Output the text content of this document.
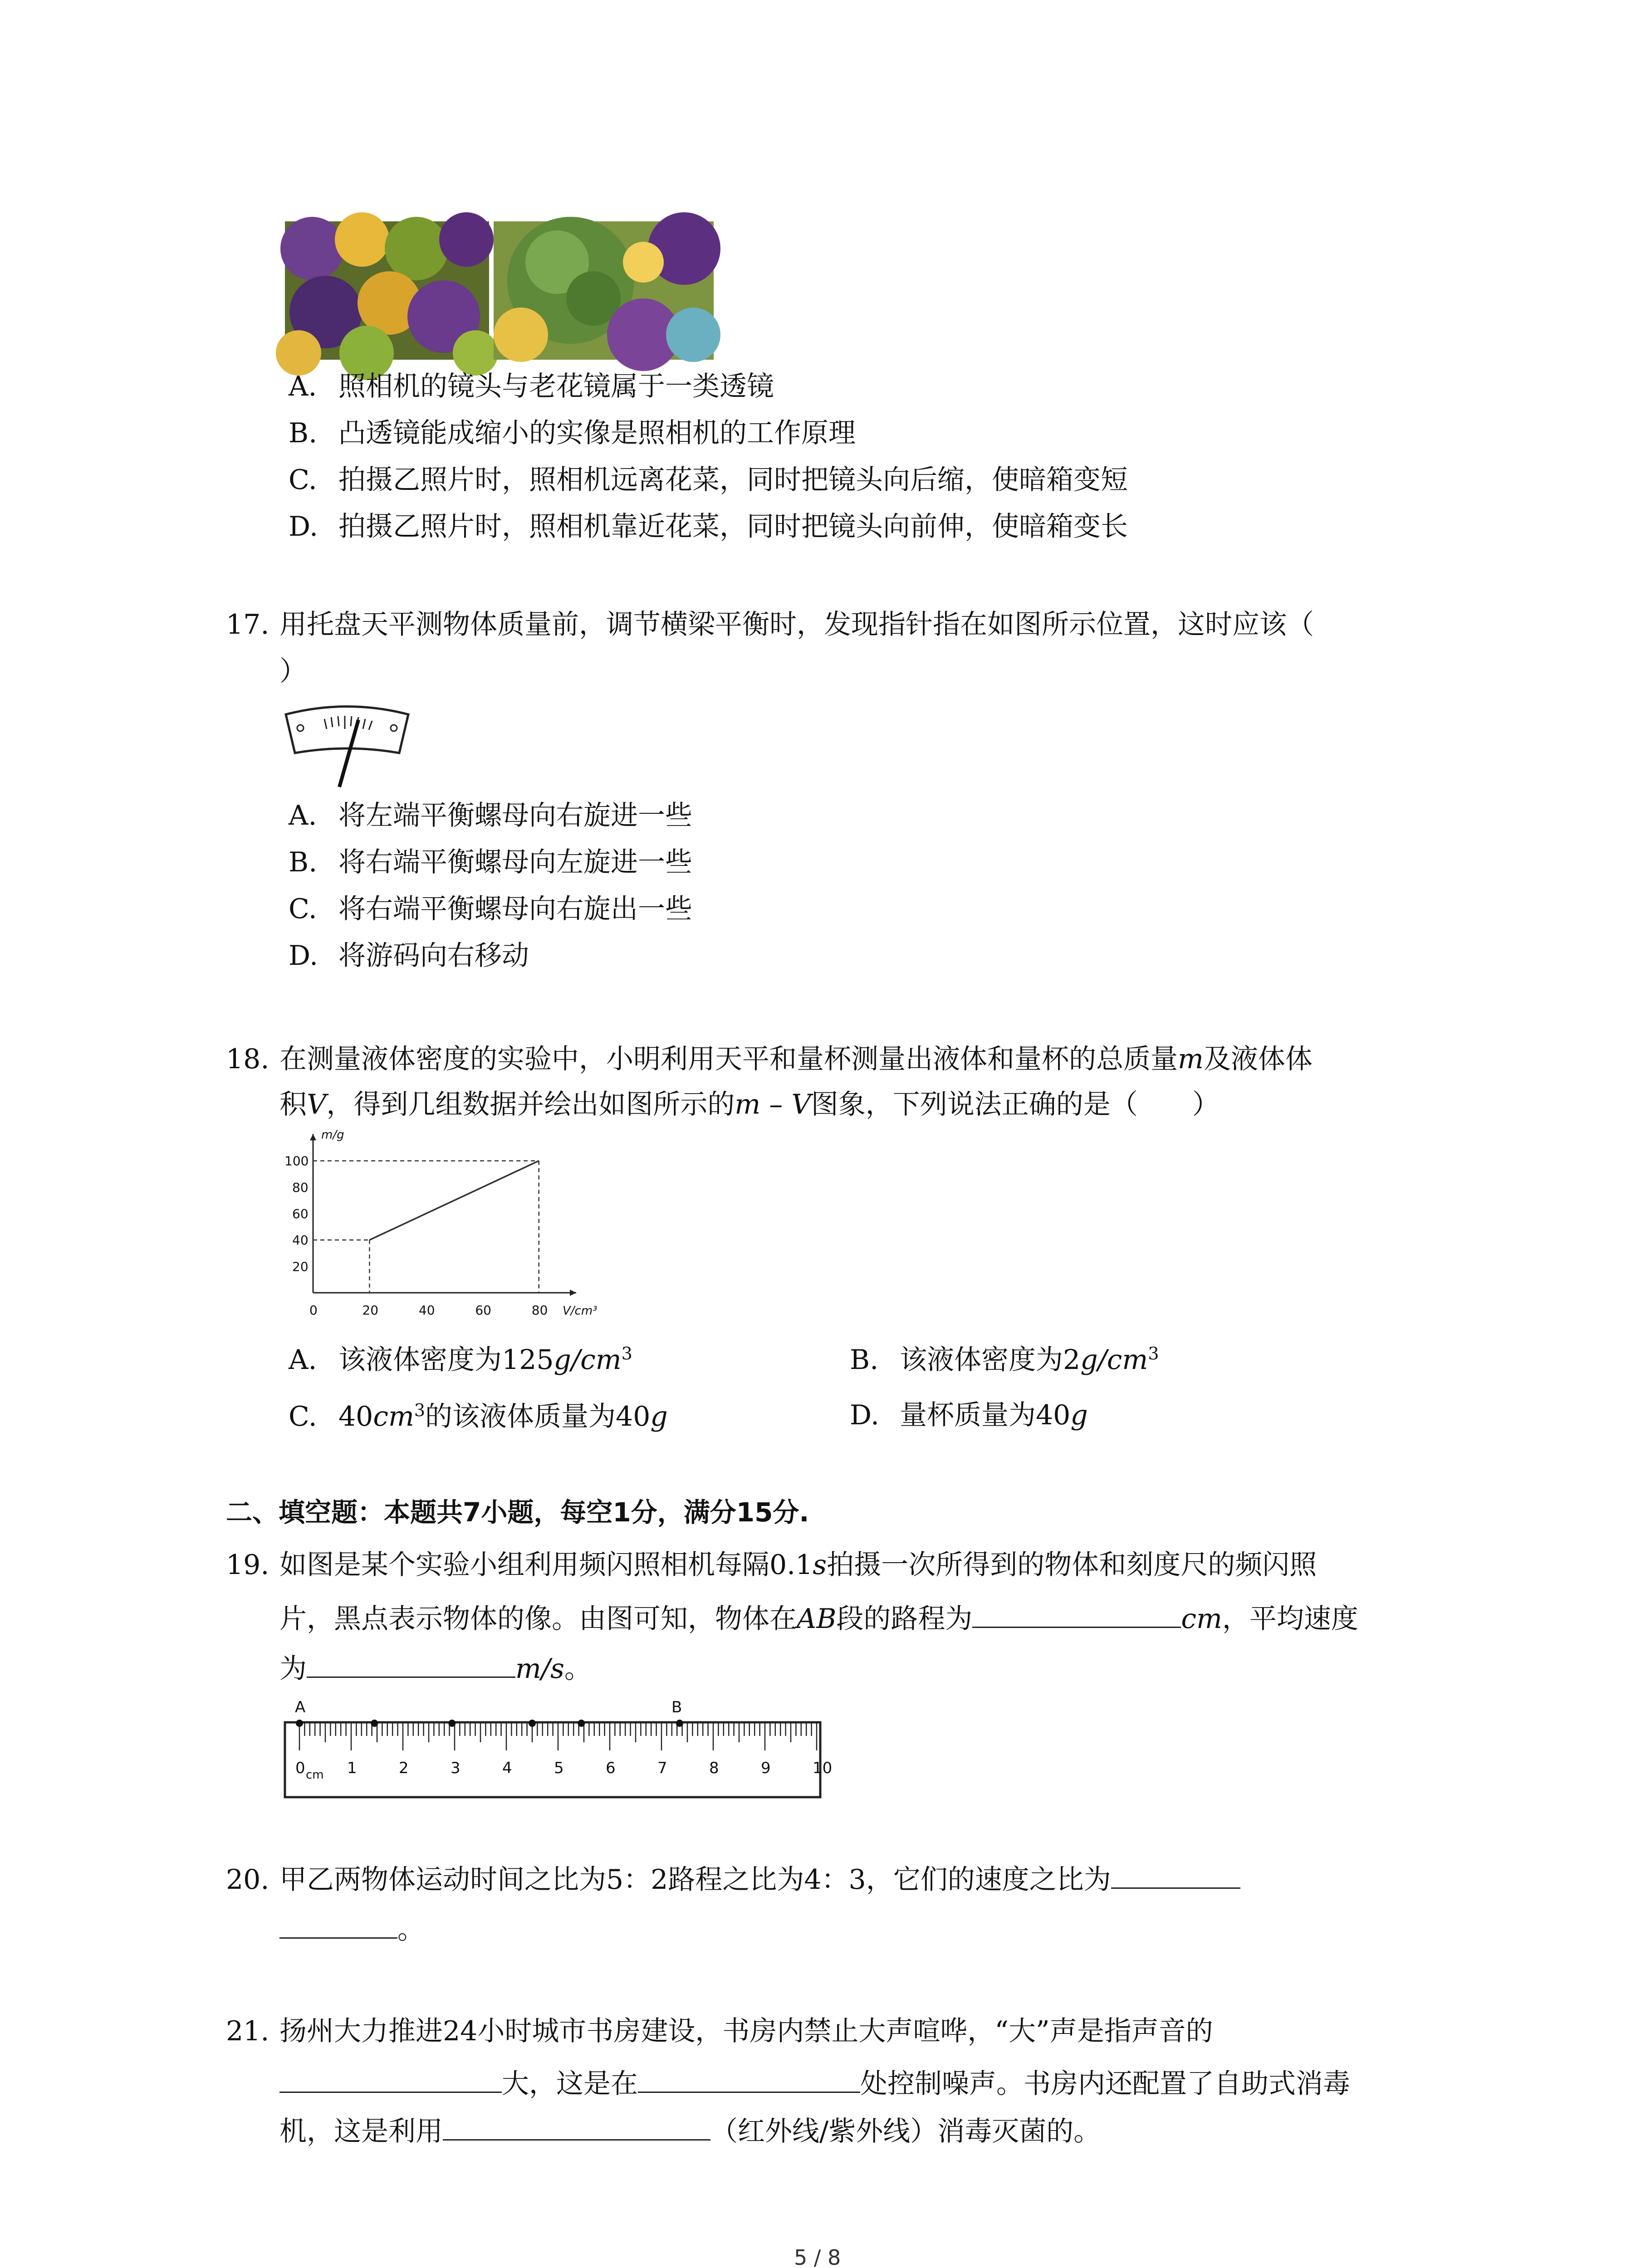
A. 照相机的镜头与老花镜属于一类透镜
B. 凸透镜能成缩小的实像是照相机的工作原理
C. 拍摄乙照片时，照相机远离花菜，同时把镜头向后缩，使暗箱变短
D. 拍摄乙照片时，照相机靠近花菜，同时把镜头向前伸，使暗箱变长
17. 用托盘天平测物体质量前，调节横梁平衡时，发现指针指在如图所示位置，这时应该（
）
A. 将左端平衡螺母向右旋进一些
B. 将右端平衡螺母向左旋进一些
C. 将右端平衡螺母向右旋出一些
D. 将游码向右移动
18. 在测量液体密度的实验中，小明利用天平和量杯测量出液体和量杯的总质量m及液体体
积V，得到几组数据并绘出如图所示的m – V图象，下列说法正确的是（　　）
m/g
V/cm³
0	20	40	60	80
20
40
60
80
100
A. 该液体密度为$125g/cm^3$	B. 该液体密度为$2g/cm^3$
C. $40cm^3$的该液体质量为40g	D. 量杯质量为40g
二、填空题：本题共7小题，每空1分，满分15分.
19. 如图是某个实验小组利用频闪照相机每隔0.1s拍摄一次所得到的物体和刻度尺的频闪照
片，黑点表示物体的像。由图可知，物体在AB段的路程为	cm，平均速度
为	m/s。
A	B
0	1	2	3	4	5	6	7	8	9	10
cm
20. 甲乙两物体运动时间之比为5：2路程之比为4：3，它们的速度之比为
。
21. 扬州大力推进24小时城市书房建设，书房内禁止大声喧哗，“大”声是指声音的
大，这是在	处控制噪声。书房内还配置了自助式消毒
机，这是利用	（红外线/紫外线）消毒灭菌的。
5 / 8
